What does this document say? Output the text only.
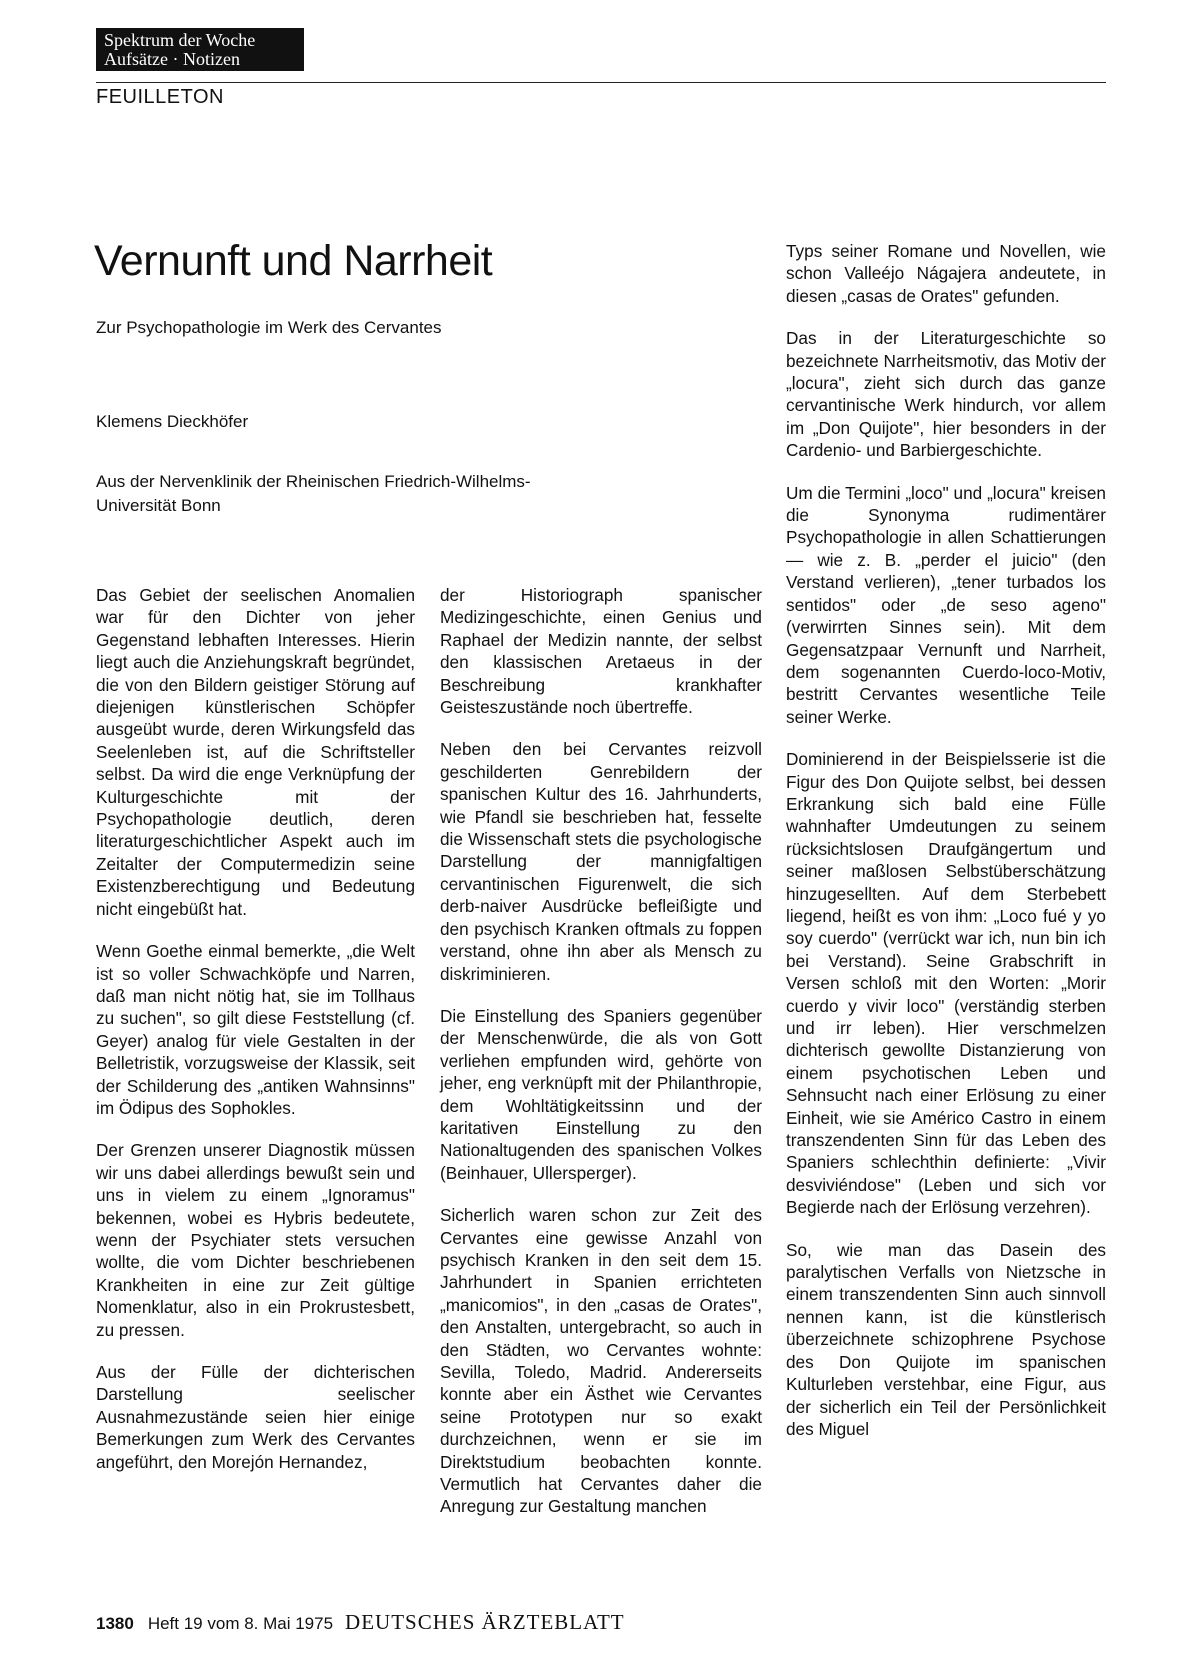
Spektrum der Woche
Aufsätze · Notizen
FEUILLETON
Vernunft und Narrheit
Zur Psychopathologie im Werk des Cervantes
Klemens Dieckhöfer
Aus der Nervenklinik der Rheinischen Friedrich-Wilhelms-
Universität Bonn

Das Gebiet der seelischen Anomalien war für den Dichter von jeher Gegenstand lebhaften Interesses. Hierin liegt auch die Anziehungskraft begründet, die von den Bildern geistiger Störung auf diejenigen künstlerischen Schöpfer ausgeübt wurde, deren Wirkungsfeld das Seelenleben ist, auf die Schriftsteller selbst. Da wird die enge Verknüpfung der Kulturgeschichte mit der Psychopathologie deutlich, deren literaturgeschichtlicher Aspekt auch im Zeitalter der Computermedizin seine Existenzberechtigung und Bedeutung nicht eingebüßt hat.

Wenn Goethe einmal bemerkte, „die Welt ist so voller Schwachköpfe und Narren, daß man nicht nötig hat, sie im Tollhaus zu suchen", so gilt diese Feststellung (cf. Geyer) analog für viele Gestalten in der Belletristik, vorzugsweise der Klassik, seit der Schilderung des „antiken Wahnsinns" im Ödipus des Sophokles.

Der Grenzen unserer Diagnostik müssen wir uns dabei allerdings bewußt sein und uns in vielem zu einem „Ignoramus" bekennen, wobei es Hybris bedeutete, wenn der Psychiater stets versuchen wollte, die vom Dichter beschriebenen Krankheiten in eine zur Zeit gültige Nomenklatur, also in ein Prokrustesbett, zu pressen.

Aus der Fülle der dichterischen Darstellung seelischer Ausnahmezustände seien hier einige Bemerkungen zum Werk des Cervantes angeführt, den Morejón Hernandez,

der Historiograph spanischer Medizingeschichte, einen Genius und Raphael der Medizin nannte, der selbst den klassischen Aretaeus in der Beschreibung krankhafter Geisteszustände noch übertreffe.

Neben den bei Cervantes reizvoll geschilderten Genrebildern der spanischen Kultur des 16. Jahrhunderts, wie Pfandl sie beschrieben hat, fesselte die Wissenschaft stets die psychologische Darstellung der mannigfaltigen cervantinischen Figurenwelt, die sich derb-naiver Ausdrücke befleißigte und den psychisch Kranken oftmals zu foppen verstand, ohne ihn aber als Mensch zu diskriminieren.

Die Einstellung des Spaniers gegenüber der Menschenwürde, die als von Gott verliehen empfunden wird, gehörte von jeher, eng verknüpft mit der Philanthropie, dem Wohltätigkeitssinn und der karitativen Einstellung zu den Nationaltugenden des spanischen Volkes (Beinhauer, Ullersperger).

Sicherlich waren schon zur Zeit des Cervantes eine gewisse Anzahl von psychisch Kranken in den seit dem 15. Jahrhundert in Spanien errichteten „manicomios", in den „casas de Orates", den Anstalten, untergebracht, so auch in den Städten, wo Cervantes wohnte: Sevilla, Toledo, Madrid. Andererseits konnte aber ein Ästhet wie Cervantes seine Prototypen nur so exakt durchzeichnen, wenn er sie im Direktstudium beobachten konnte. Vermutlich hat Cervantes daher die Anregung zur Gestaltung manchen

Typs seiner Romane und Novellen, wie schon Valleéjo Nágajera andeutete, in diesen „casas de Orates" gefunden.

Das in der Literaturgeschichte so bezeichnete Narrheitsmotiv, das Motiv der „locura", zieht sich durch das ganze cervantinische Werk hindurch, vor allem im „Don Quijote", hier besonders in der Cardenio- und Barbiergeschichte.

Um die Termini „loco" und „locura" kreisen die Synonyma rudimentärer Psychopathologie in allen Schattierungen — wie z. B. „perder el juicio" (den Verstand verlieren), „tener turbados los sentidos" oder „de seso ageno" (verwirrten Sinnes sein). Mit dem Gegensatzpaar Vernunft und Narrheit, dem sogenannten Cuerdo-loco-Motiv, bestritt Cervantes wesentliche Teile seiner Werke.

Dominierend in der Beispielsserie ist die Figur des Don Quijote selbst, bei dessen Erkrankung sich bald eine Fülle wahnhafter Umdeutungen zu seinem rücksichtslosen Draufgängertum und seiner maßlosen Selbstüberschätzung hinzugesellten. Auf dem Sterbebett liegend, heißt es von ihm: „Loco fué y yo soy cuerdo" (verrückt war ich, nun bin ich bei Verstand). Seine Grabschrift in Versen schloß mit den Worten: „Morir cuerdo y vivir loco" (verständig sterben und irr leben). Hier verschmelzen dichterisch gewollte Distanzierung von einem psychotischen Leben und Sehnsucht nach einer Erlösung zu einer Einheit, wie sie Américo Castro in einem transzendenten Sinn für das Leben des Spaniers schlechthin definierte: „Vivir desviviéndose" (Leben und sich vor Begierde nach der Erlösung verzehren).

So, wie man das Dasein des paralytischen Verfalls von Nietzsche in einem transzendenten Sinn auch sinnvoll nennen kann, ist die künstlerisch überzeichnete schizophrene Psychose des Don Quijote im spanischen Kulturleben verstehbar, eine Figur, aus der sicherlich ein Teil der Persönlichkeit des Miguel

1380 Heft 19 vom 8. Mai 1975 DEUTSCHES ÄRZTEBLATT
